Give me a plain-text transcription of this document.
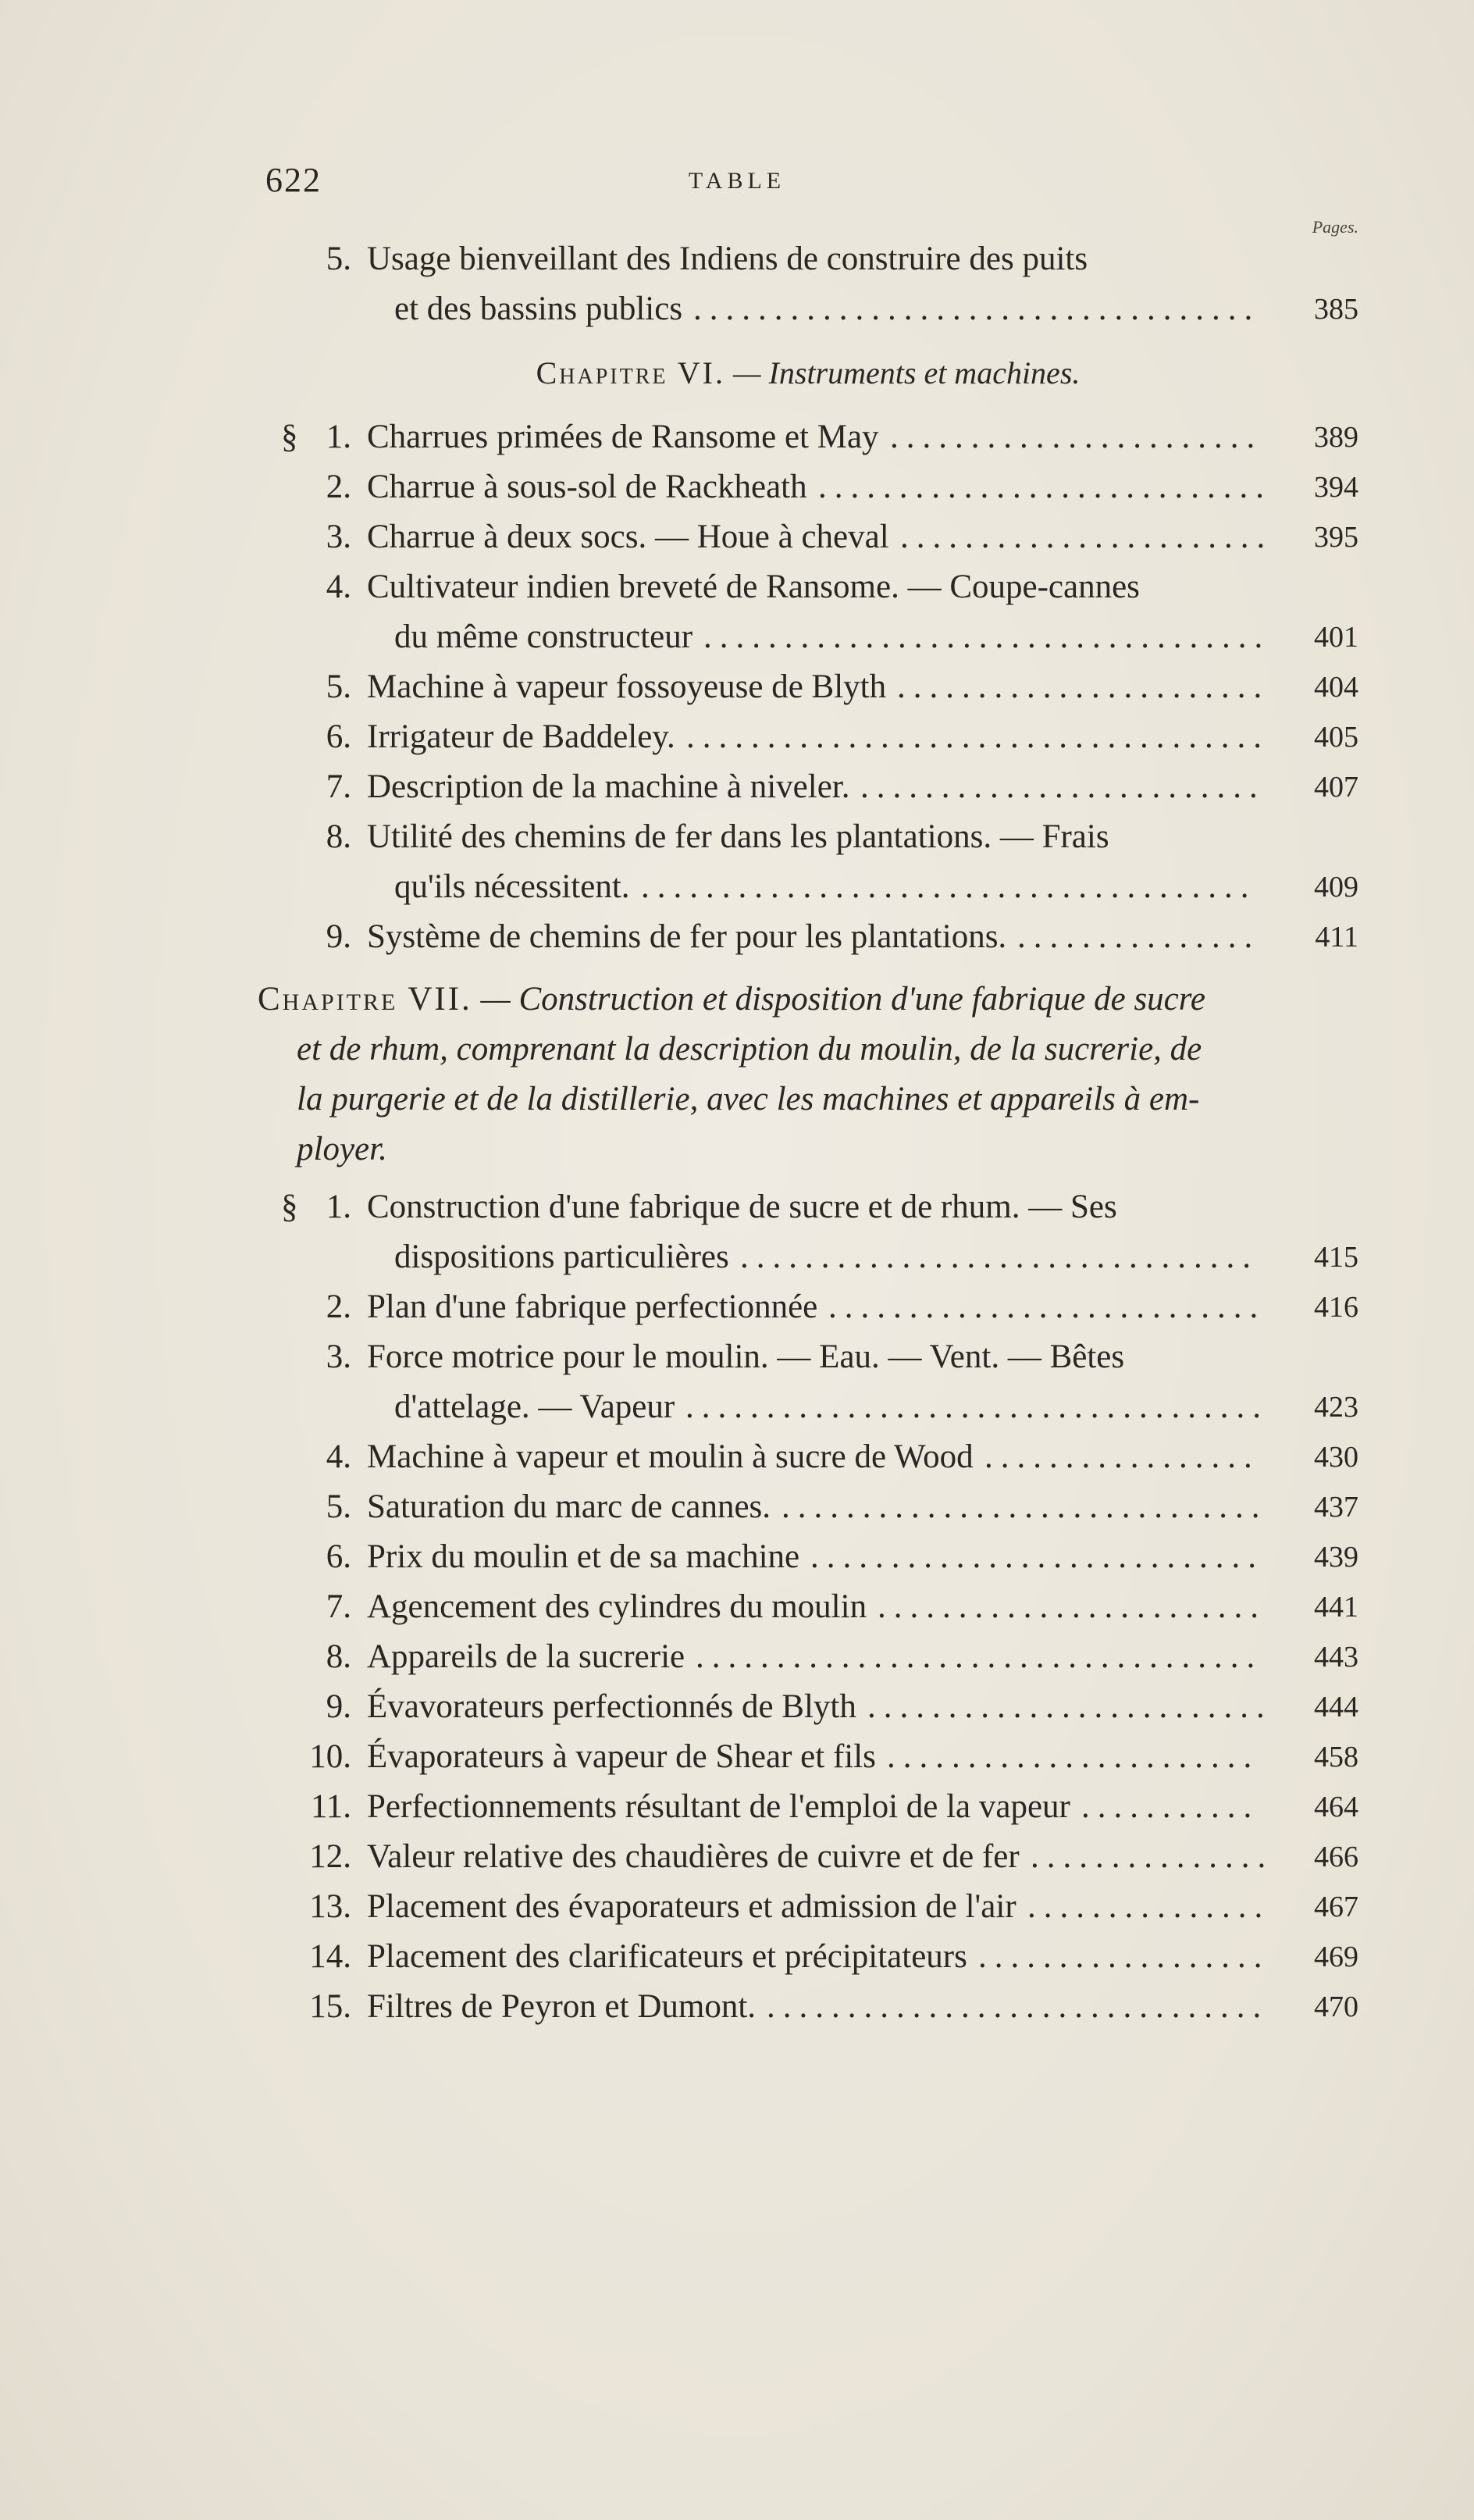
622	TABLE
Pages.
5. Usage bienveillant des Indiens de construire des puits
et des bassins publics ...................................	385
Chapitre VI. — Instruments et machines.
§ 1. Charrues primées de Ransome et May .......................	389
2. Charrue à sous-sol de Rackheath ............................	394
3. Charrue à deux socs. — Houe à cheval .......................	395
4. Cultivateur indien breveté de Ransome. — Coupe-cannes
du même constructeur ...................................	401
5. Machine à vapeur fossoyeuse de Blyth .......................	404
6. Irrigateur de Baddeley. ....................................	405
7. Description de la machine à niveler. .........................	407
8. Utilité des chemins de fer dans les plantations. — Frais
qu'ils nécessitent. ......................................	409
9. Système de chemins de fer pour les plantations. ...............	411
Chapitre VII. — Construction et disposition d'une fabrique de sucre
et de rhum, comprenant la description du moulin, de la sucrerie, de
la purgerie et de la distillerie, avec les machines et appareils à em-
ployer.
§ 1. Construction d'une fabrique de sucre et de rhum. — Ses
dispositions particulières ................................	415
2. Plan d'une fabrique perfectionnée ...........................	416
3. Force motrice pour le moulin. — Eau. — Vent. — Bêtes
d'attelage. — Vapeur ....................................	423
4. Machine à vapeur et moulin à sucre de Wood .................	430
5. Saturation du marc de cannes. ..............................	437
6. Prix du moulin et de sa machine ............................	439
7. Agencement des cylindres du moulin ........................	441
8. Appareils de la sucrerie ...................................	443
9. Évavorateurs perfectionnés de Blyth .........................	444
10. Évaporateurs à vapeur de Shear et fils .......................	458
11. Perfectionnements résultant de l'emploi de la vapeur ...........	464
12. Valeur relative des chaudières de cuivre et de fer ...............	466
13. Placement des évaporateurs et admission de l'air ...............	467
14. Placement des clarificateurs et précipitateurs ..................	469
15. Filtres de Peyron et Dumont. ...............................	470
